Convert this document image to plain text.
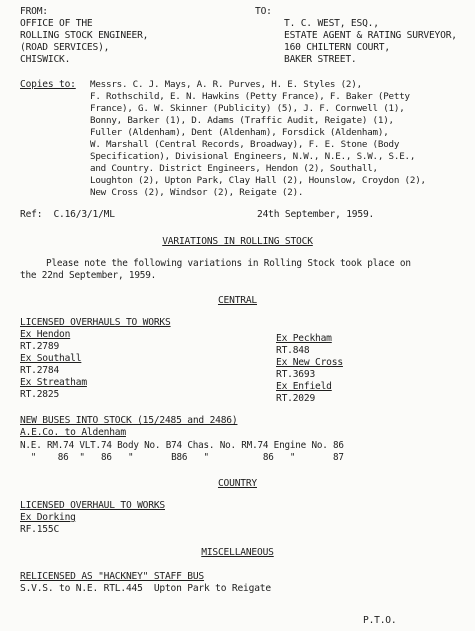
FROM:
OFFICE OF THE
ROLLING STOCK ENGINEER,
(ROAD SERVICES),
CHISWICK.
TO:
T. C. WEST, ESQ.,
ESTATE AGENT & RATING SURVEYOR,
160 CHILTERN COURT,
BAKER STREET.
Copies to: Messrs. C. J. Mays, A. R. Purves, H. E. Styles (2),
F. Rothschild, E. N. Hawkins (Petty France), F. Baker (Petty
France), G. W. Skinner (Publicity) (5), J. F. Cornwell (1),
Bonny, Barker (1), D. Adams (Traffic Audit, Reigate) (1),
Fuller (Aldenham), Dent (Aldenham), Forsdick (Aldenham),
W. Marshall (Central Records, Broadway), F. E. Stone (Body
Specification), Divisional Engineers, N.W., N.E., S.W., S.E.,
and Country. District Engineers, Hendon (2), Southall,
Loughton (2), Upton Park, Clay Hall (2), Hounslow, Croydon (2),
New Cross (2), Windsor (2), Reigate (2).
Ref:  C.16/3/1/ML	24th September, 1959.
VARIATIONS IN ROLLING STOCK
Please note the following variations in Rolling Stock took place on
the 22nd September, 1959.
CENTRAL
LICENSED OVERHAULS TO WORKS
Ex Hendon
RT.2789
Ex Southall
RT.2784
Ex Streatham
RT.2825
Ex Peckham
RT.848
Ex New Cross
RT.3693
Ex Enfield
RT.2029
NEW BUSES INTO STOCK (15/2485 and 2486)
A.E.Co. to Aldenham
N.E. RM.74 VLT.74 Body No. B74 Chas. No. RM.74 Engine No. 86
"    86  "   86   "       B86   "          86   "       87
COUNTRY
LICENSED OVERHAUL TO WORKS
Ex Dorking
RF.155C
MISCELLANEOUS
RELICENSED AS "HACKNEY" STAFF BUS
S.V.S. to N.E. RTL.445  Upton Park to Reigate
P.T.O.
